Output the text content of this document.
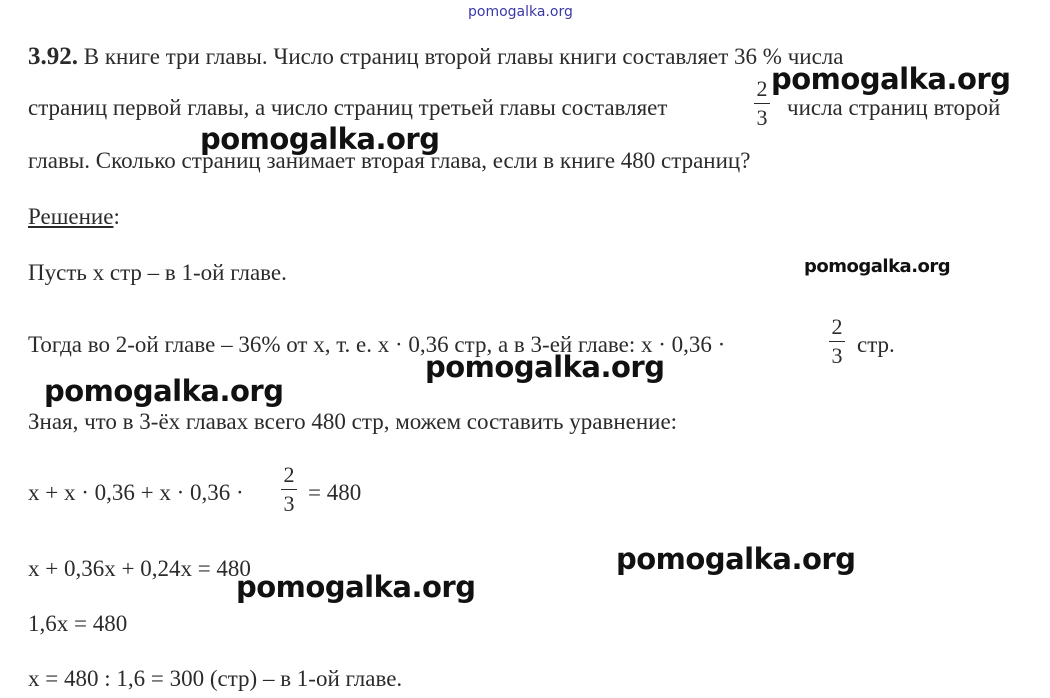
pomogalka.org
3.92. В книге три главы. Число страниц второй главы книги составляет 36 % числа
страниц первой главы, а число страниц третьей главы составляет
2
3 числа страниц второй
главы. Сколько страниц занимает вторая глава, если в книге 480 страниц?
Решение:
Пусть х стр – в 1-ой главе.
Тогда во 2-ой главе – 36% от х, т. е. х · 0,36 стр, а в 3-ей главе: х · 0,36 ·
2
3 стр.
Зная, что в 3-ёх главах всего 480 стр, можем составить уравнение:
х + х · 0,36 + х · 0,36 ·
2
3 = 480
х + 0,36х + 0,24х = 480
1,6х = 480
х = 480 : 1,6 = 300 (стр) – в 1-ой главе.
pomogalka.org
pomogalka.org
pomogalka.org
pomogalka.org
pomogalka.org
pomogalka.org
pomogalka.org
